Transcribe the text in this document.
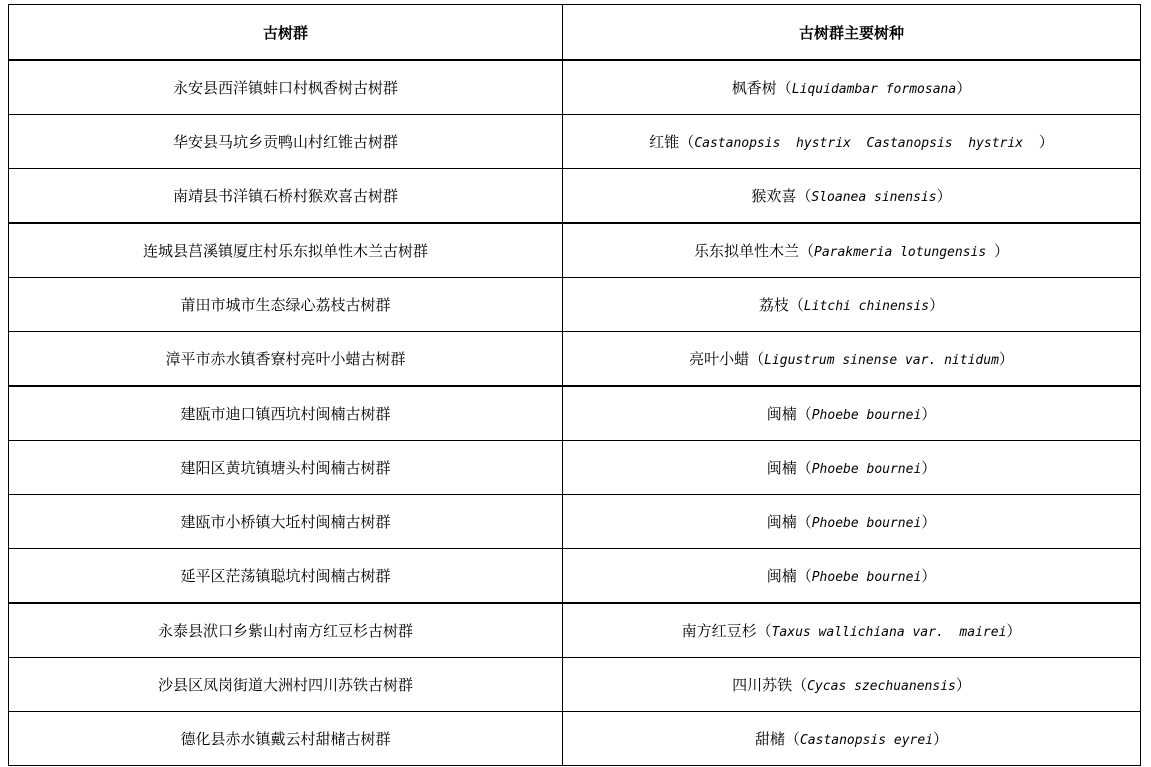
古树群	古树群主要树种
永安县西洋镇蚌口村枫香树古树群	枫香树（Liquidambar formosana）
华安县马坑乡贡鸭山村红锥古树群	红锥（Castanopsis  hystrix  Castanopsis  hystrix  ）
南靖县书洋镇石桥村猴欢喜古树群	猴欢喜（Sloanea sinensis）
连城县莒溪镇厦庄村乐东拟单性木兰古树群	乐东拟单性木兰（Parakmeria lotungensis ）
莆田市城市生态绿心荔枝古树群	荔枝（Litchi chinensis）
漳平市赤水镇香寮村亮叶小蜡古树群	亮叶小蜡（Ligustrum sinense var. nitidum）
建瓯市迪口镇西坑村闽楠古树群	闽楠（Phoebe bournei）
建阳区黄坑镇塘头村闽楠古树群	闽楠（Phoebe bournei）
建瓯市小桥镇大坵村闽楠古树群	闽楠（Phoebe bournei）
延平区茫荡镇聪坑村闽楠古树群	闽楠（Phoebe bournei）
永泰县洑口乡紫山村南方红豆杉古树群	南方红豆杉（Taxus wallichiana var.  mairei）
沙县区凤岗街道大洲村四川苏铁古树群	四川苏铁（Cycas szechuanensis）
德化县赤水镇戴云村甜槠古树群	甜槠（Castanopsis eyrei）
